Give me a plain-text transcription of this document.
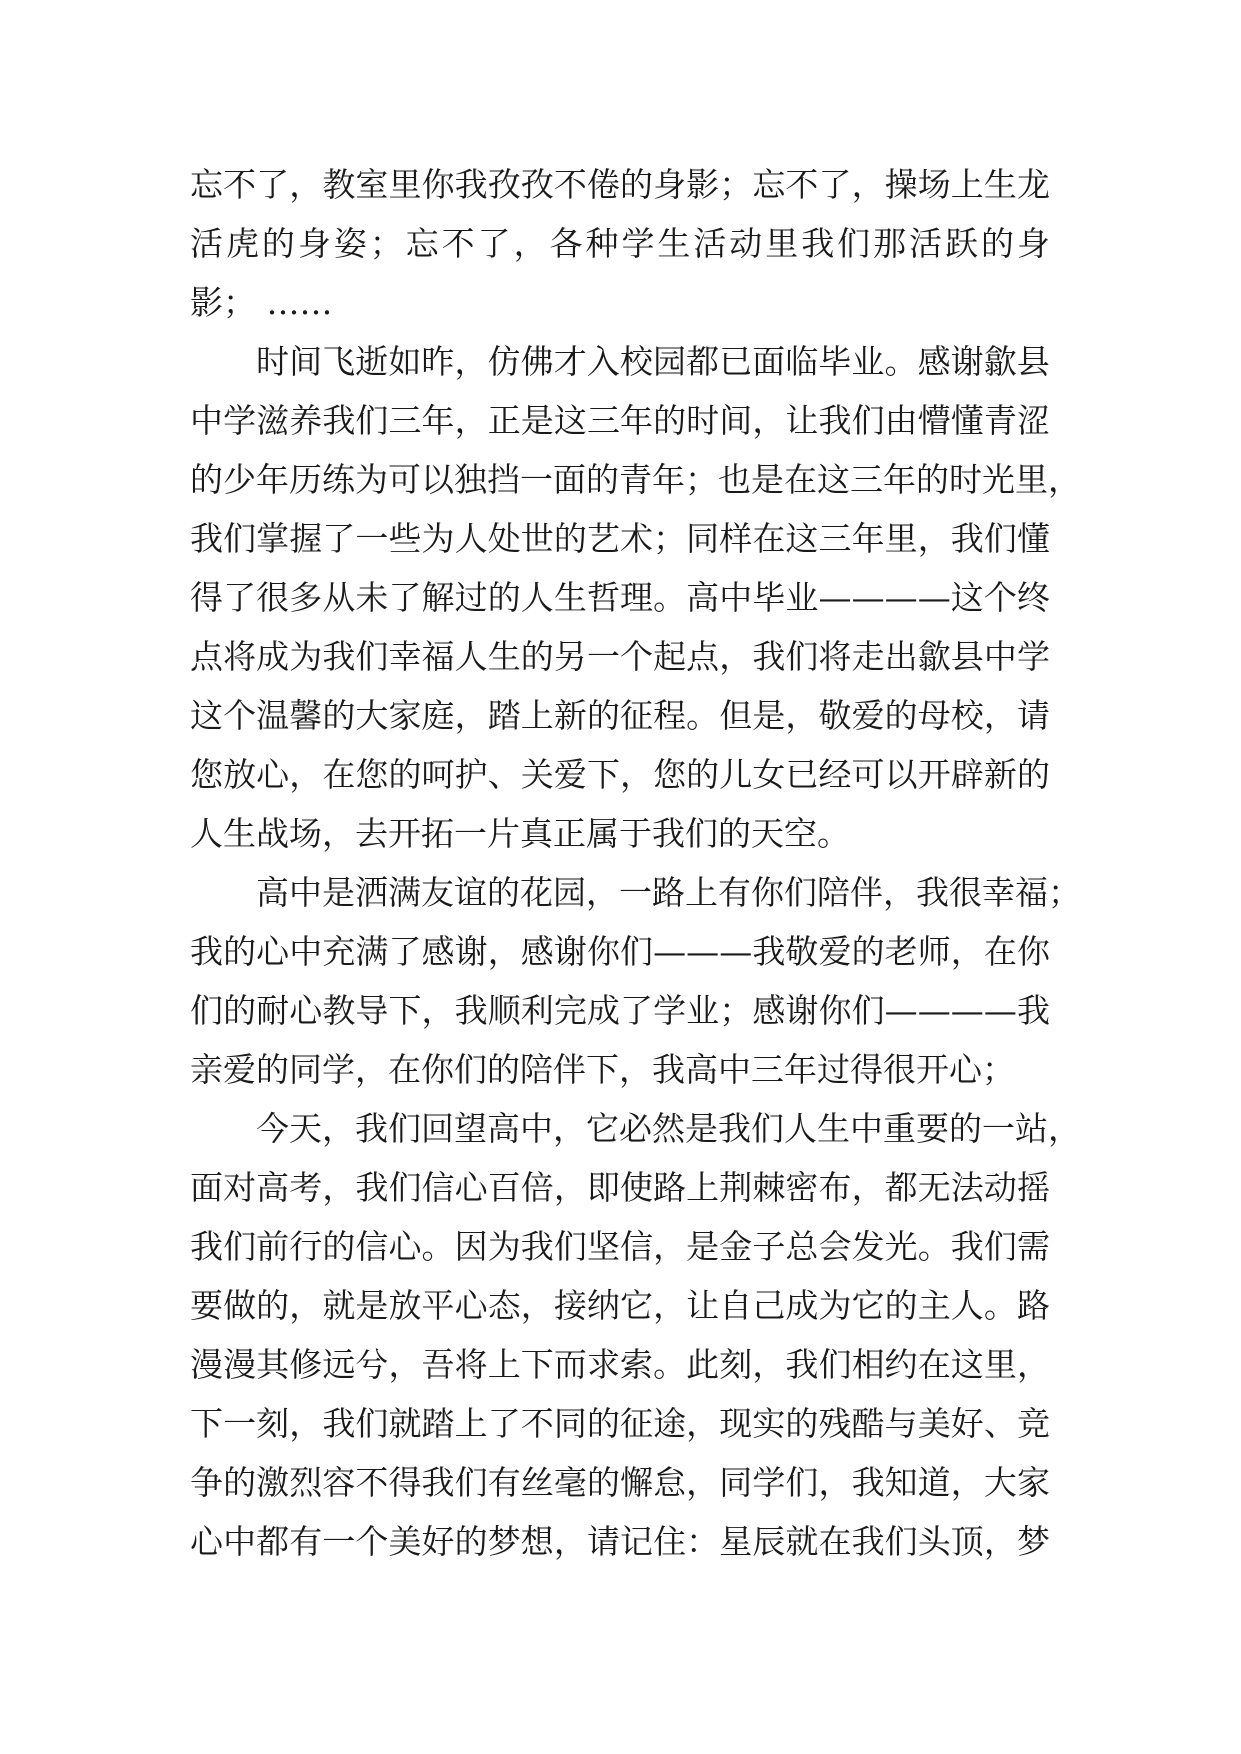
忘 不 了 ， 教 室 里 你 我 孜 孜 不 倦 的 身 影 ； 忘 不 了 ， 操 场 上 生 龙
活 虎 的 身 姿 ； 忘 不 了 ， 各 种 学 生 活 动 里 我 们 那 活 跃 的 身
影； ……
时 间 飞 逝 如 昨 ， 仿 佛 才 入 校 园 都 已 面 临 毕 业 。 感 谢 歙 县
中 学 滋 养 我 们 三 年 ， 正 是 这 三 年 的 时 间 ， 让 我 们 由 懵 懂 青 涩
的 少 年 历 练 为 可 以 独 挡 一 面 的 青 年 ； 也 是 在 这 三 年 的 时 光 里 ，
我 们 掌 握 了 一 些 为 人 处 世 的 艺 术 ； 同 样 在 这 三 年 里 ， 我 们 懂
得 了 很 多 从 未 了 解 过 的 人 生 哲 理 。 高 中 毕 业 — — — — 这 个 终
点 将 成 为 我 们 幸 福 人 生 的 另 一 个 起 点 ， 我 们 将 走 出 歙 县 中 学
这 个 温 馨 的 大 家 庭 ， 踏 上 新 的 征 程 。 但 是 ， 敬 爱 的 母 校 ， 请
您 放 心 ， 在 您 的 呵 护 、 关 爱 下 ， 您 的 儿 女 已 经 可 以 开 辟 新 的
人生战场，去开拓一片真正属于我们的天空。
高 中 是 洒 满 友 谊 的 花 园 ， 一 路 上 有 你 们 陪 伴 ， 我 很 幸 福 ；
我 的 心 中 充 满 了 感 谢 ， 感 谢 你 们 — — — 我 敬 爱 的 老 师 ， 在 你
们 的 耐 心 教 导 下 ， 我 顺 利 完 成 了 学 业 ； 感 谢 你 们 — — — — 我
亲爱的同学，在你们的陪伴下，我高中三年过得很开心；
今 天 ， 我 们 回 望 高 中 ， 它 必 然 是 我 们 人 生 中 重 要 的 一 站 ，
面 对 高 考 ， 我 们 信 心 百 倍 ， 即 使 路 上 荆 棘 密 布 ， 都 无 法 动 摇
我 们 前 行 的 信 心 。 因 为 我 们 坚 信 ， 是 金 子 总 会 发 光 。 我 们 需
要 做 的 ， 就 是 放 平 心 态 ， 接 纳 它 ， 让 自 己 成 为 它 的 主 人 。 路
漫 漫 其 修 远 兮 ， 吾 将 上 下 而 求 索 。 此 刻 ， 我 们 相 约 在 这 里 ，
下 一 刻 ， 我 们 就 踏 上 了 不 同 的 征 途 ， 现 实 的 残 酷 与 美 好 、 竞
争 的 激 烈 容 不 得 我 们 有 丝 毫 的 懈 怠 ， 同 学 们 ， 我 知 道 ， 大 家
心 中 都 有 一 个 美 好 的 梦 想 ， 请 记 住 ： 星 辰 就 在 我 们 头 顶 ， 梦
